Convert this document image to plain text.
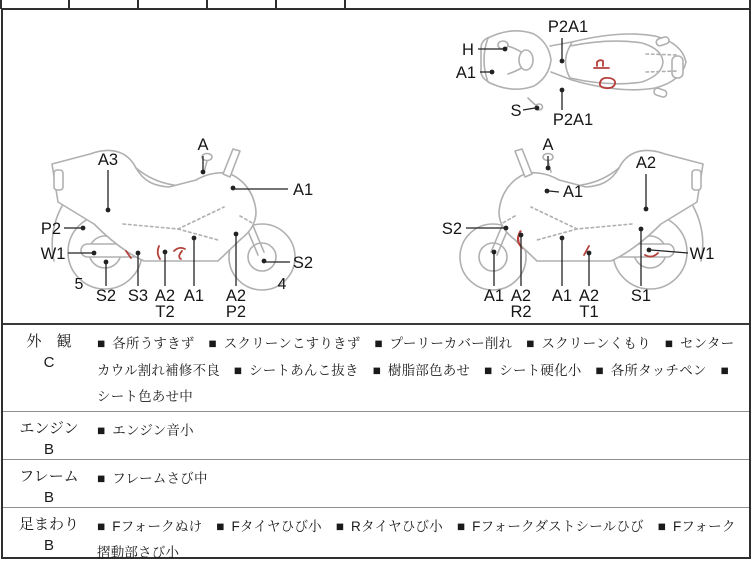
P2A1
H
A1
S P2A1
A
A3
A1
P2
W1
5
S2 S3 A2
T2
A1 A2
P2
S2
4
A
A2
A1
S2
W1
A1 A2
R2
A1 A2
T1
S1
外　観
C
■ 各所うすきず  ■ スクリーンこすりきず  ■ プーリーカバー削れ  ■ スクリーンくもり  ■ センターカウル割れ補修不良  ■ シートあんこ抜き  ■ 樹脂部色あせ  ■ シート硬化小  ■ 各所タッチペン  ■ シート色あせ中
エンジン
B
■ エンジン音小
フレーム
B
■ フレームさび中
足まわり
B
■ Fフォークぬけ  ■ Fタイヤひび小  ■ Rタイヤひび小  ■ Fフォークダストシールひび  ■ Fフォーク摺動部さび小
